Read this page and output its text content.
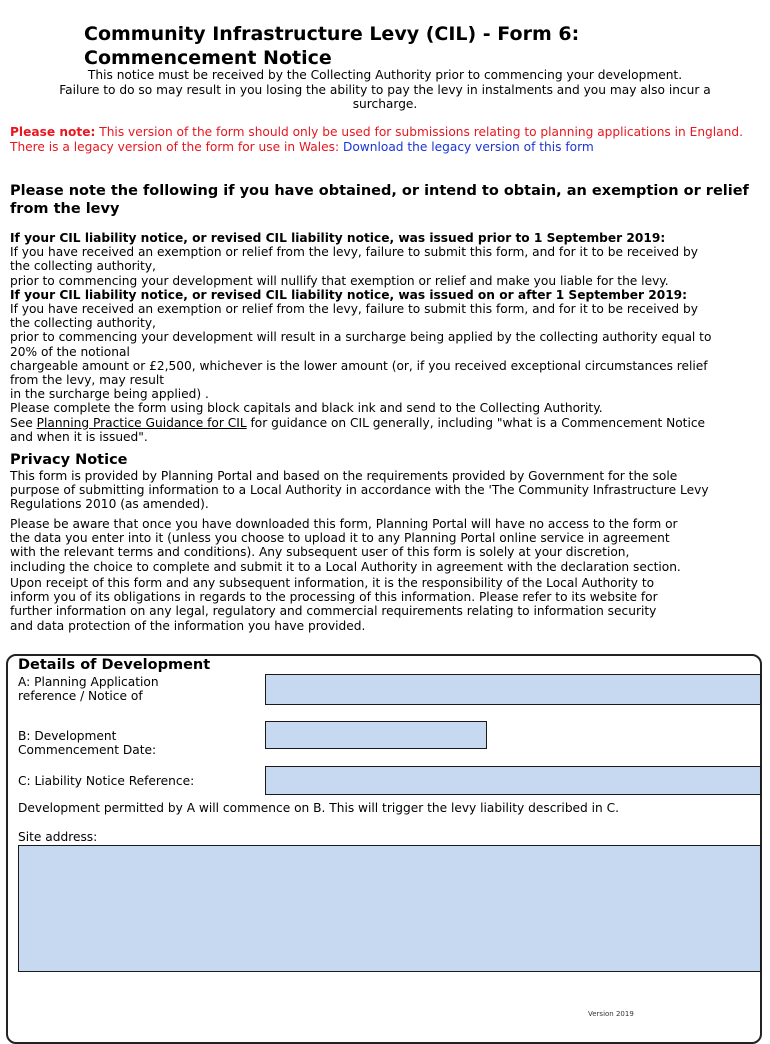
Community Infrastructure Levy (CIL) - Form 6:
Commencement Notice
This notice must be received by the Collecting Authority prior to commencing your development.
Failure to do so may result in you losing the ability to pay the levy in instalments and you may also incur a
surcharge.
Please note: This version of the form should only be used for submissions relating to planning applications in England.
There is a legacy version of the form for use in Wales: Download the legacy version of this form
Please note the following if you have obtained, or intend to obtain, an exemption or relief from the levy
If your CIL liability notice, or revised CIL liability notice, was issued prior to 1 September 2019:
If you have received an exemption or relief from the levy, failure to submit this form, and for it to be received by
the collecting authority,
prior to commencing your development will nullify that exemption or relief and make you liable for the levy.
If your CIL liability notice, or revised CIL liability notice, was issued on or after 1 September 2019:
If you have received an exemption or relief from the levy, failure to submit this form, and for it to be received by
the collecting authority,
prior to commencing your development will result in a surcharge being applied by the collecting authority equal to
20% of the notional
chargeable amount or £2,500, whichever is the lower amount (or, if you received exceptional circumstances relief
from the levy, may result
in the surcharge being applied) .
Please complete the form using block capitals and black ink and send to the Collecting Authority.
See Planning Practice Guidance for CIL for guidance on CIL generally, including "what is a Commencement Notice
and when it is issued".
Privacy Notice
This form is provided by Planning Portal and based on the requirements provided by Government for the sole
purpose of submitting information to a Local Authority in accordance with the 'The Community Infrastructure Levy
Regulations 2010 (as amended).
Please be aware that once you have downloaded this form, Planning Portal will have no access to the form or
the data you enter into it (unless you choose to upload it to any Planning Portal online service in agreement
with the relevant terms and conditions). Any subsequent user of this form is solely at your discretion,
including the choice to complete and submit it to a Local Authority in agreement with the declaration section.
Upon receipt of this form and any subsequent information, it is the responsibility of the Local Authority to
inform you of its obligations in regards to the processing of this information. Please refer to its website for
further information on any legal, regulatory and commercial requirements relating to information security
and data protection of the information you have provided.
Details of Development
A: Planning Application
reference / Notice of
B: Development
Commencement Date:
C: Liability Notice Reference:
Development permitted by A will commence on B. This will trigger the levy liability described in C.
Site address:
Version 2019
